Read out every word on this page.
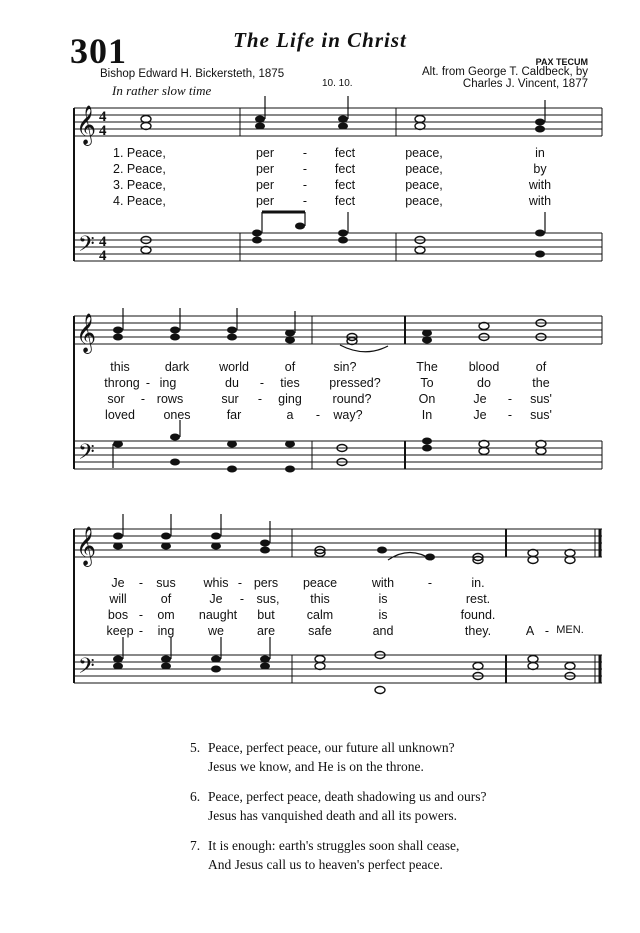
301	The Life in Christ
PAX TECUM
Bishop Edward H. Bickersteth, 1875
10. 10.
Alt. from George T. Caldbeck, by
Charles J. Vincent, 1877
In rather slow time
𝄞
𝄢
𝄞
𝄢
𝄞
𝄢
4
4
4
4
1. Peace,	per - fect	peace,	in
2. Peace,	per - fect	peace,	by
3. Peace,	per - fect	peace,	with
4. Peace,	per - fect	peace,	with
this	dark world	of	sin?	The blood	of
throng - ing	du - ties pressed?	To	do	the
sor - rows	sur - ging round?	On	Je - sus'
loved ones	far	a - way?	In	Je - sus'
Je - sus whis - pers peace	with	-	in.
will	of	Je - sus, this	is	rest.
bos - om naught but	calm	is	found.
keep - ing	we	are	safe	and	they.	A - MEN.
5. Peace, perfect peace, our future all unknown?
Jesus we know, and He is on the throne.
6. Peace, perfect peace, death shadowing us and ours?
Jesus has vanquished death and all its powers.
7. It is enough: earth's struggles soon shall cease,
And Jesus call us to heaven's perfect peace.
